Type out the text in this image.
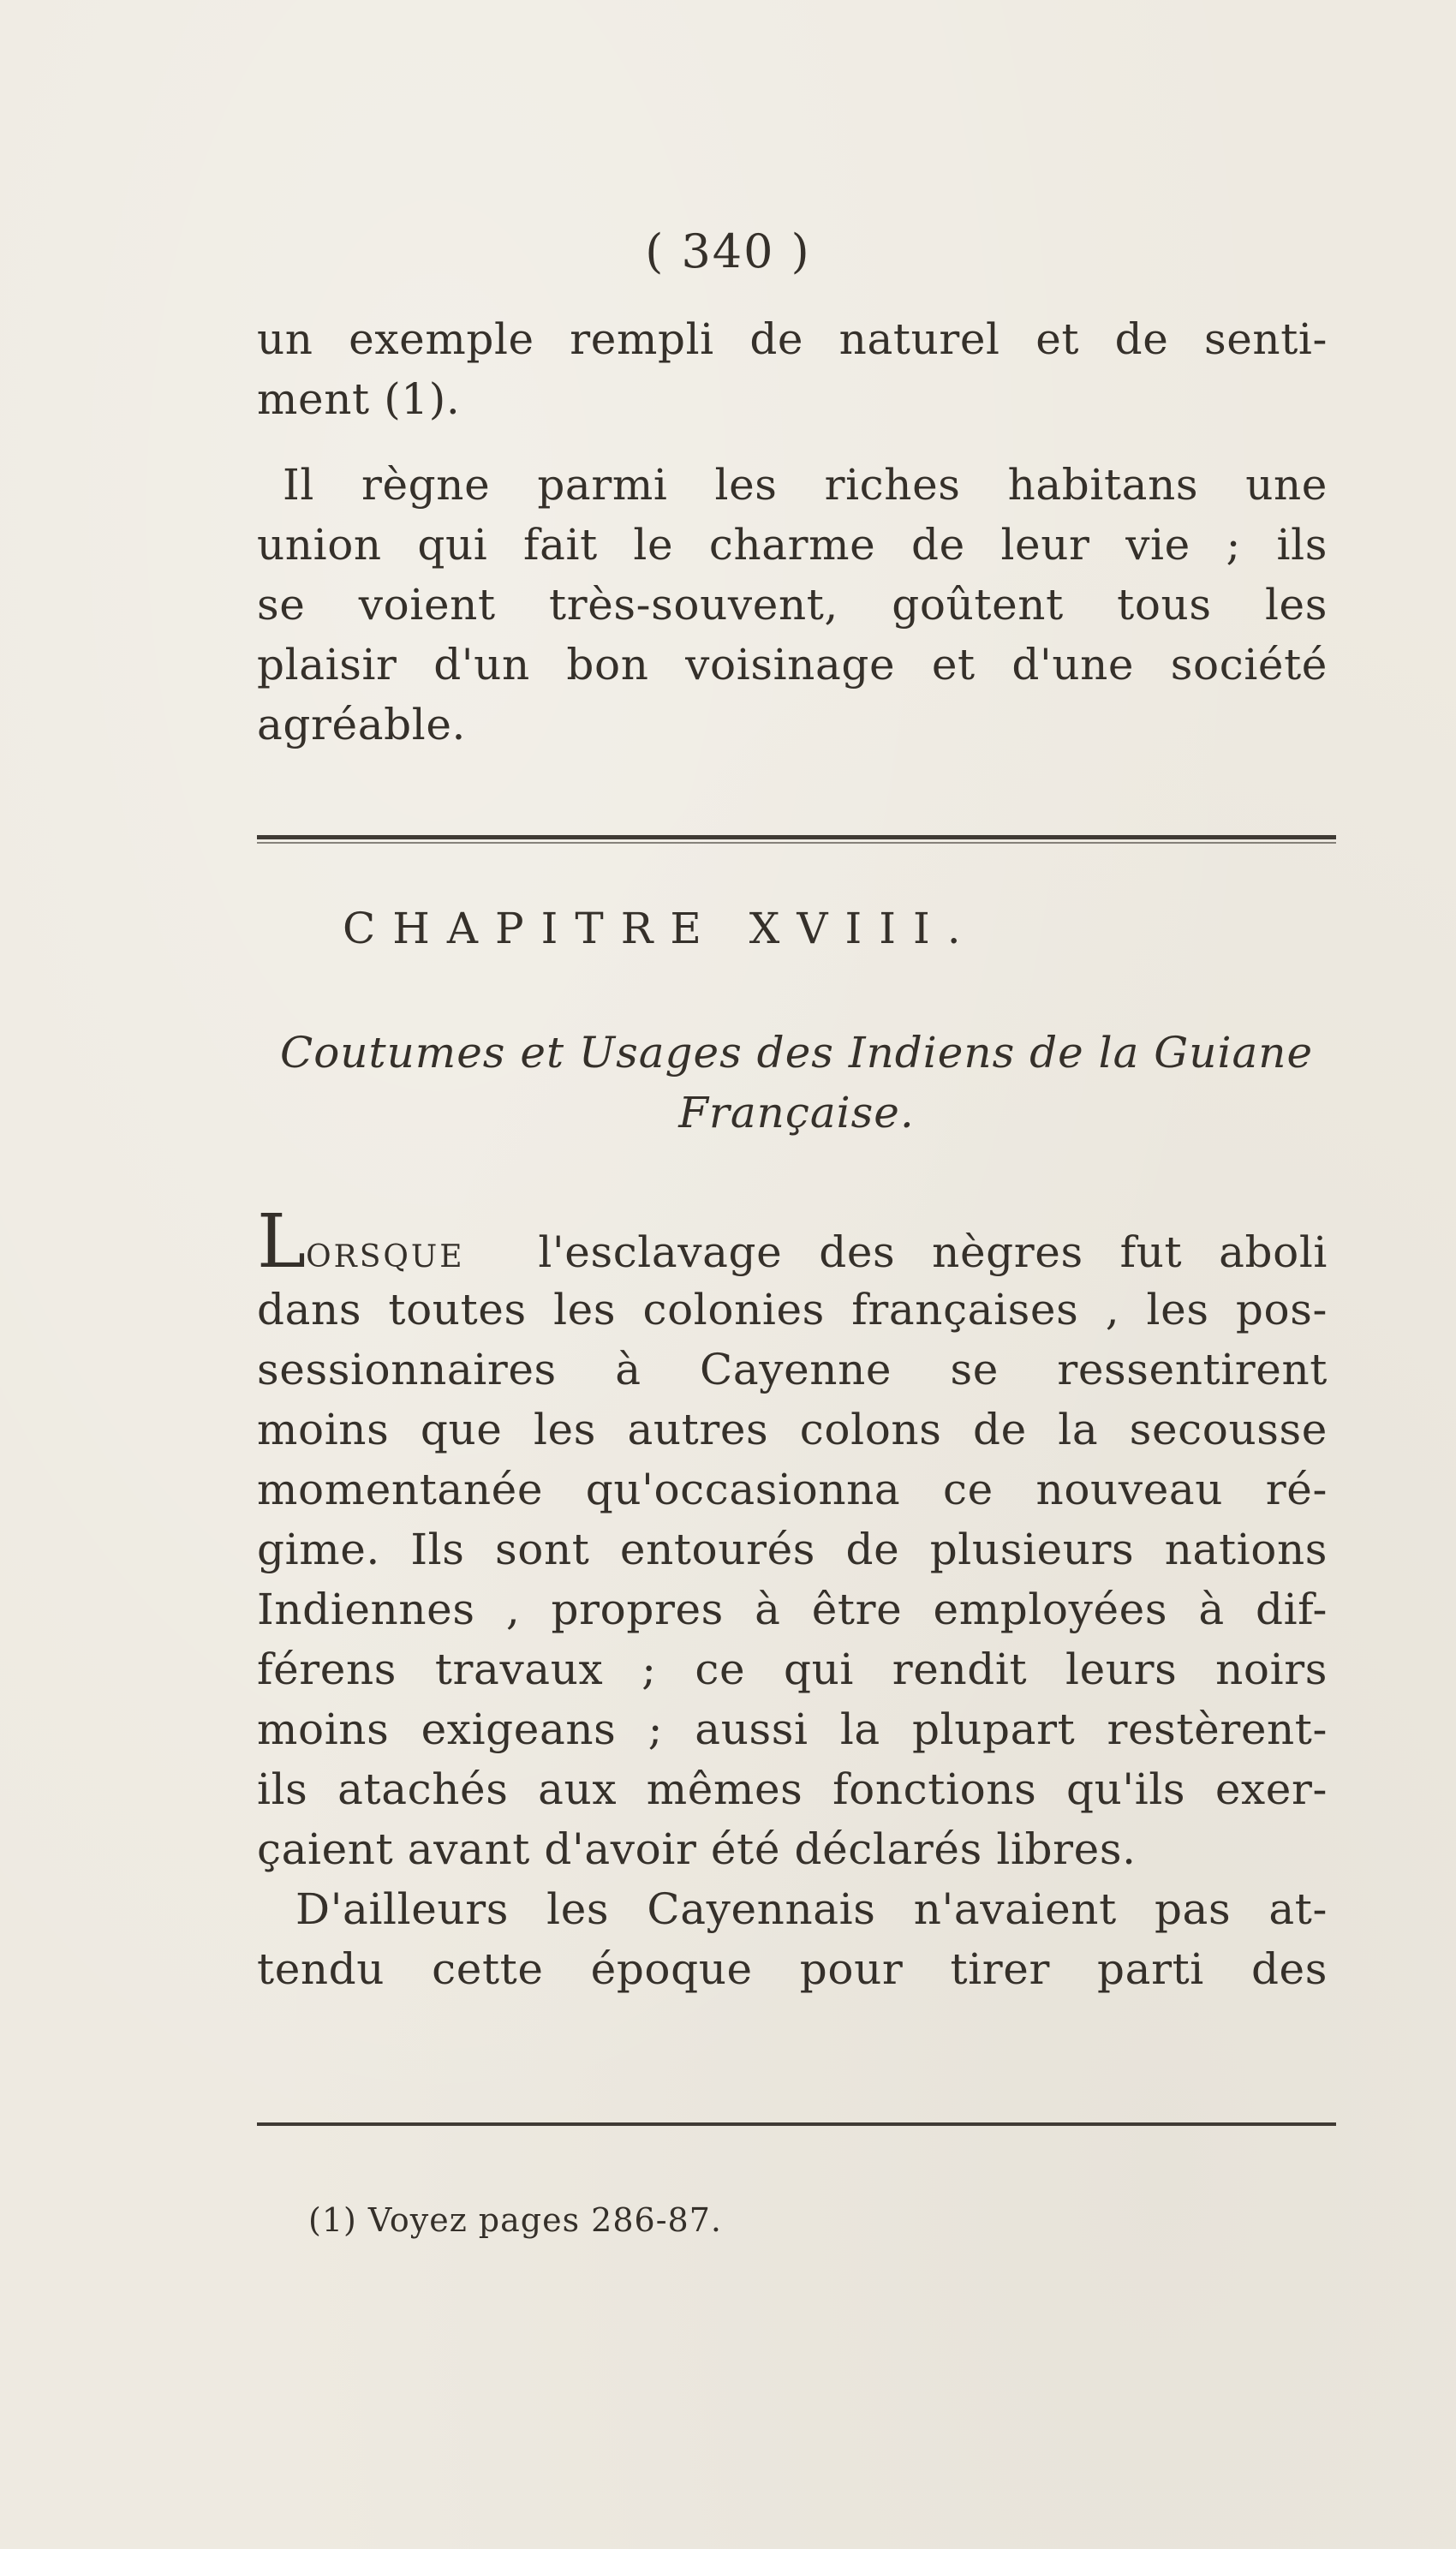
( 340 )
un exemple rempli de naturel et de senti-
ment (1).
Il règne parmi les riches habitans une
union qui fait le charme de leur vie ; ils
se voient très-souvent, goûtent tous les
plaisir d'un bon voisinage et d'une société
agréable.
CHAPITRE XVIII.
Coutumes et Usages des Indiens de la Guiane
Française.
LORSQUE l'esclavage des nègres fut aboli
dans toutes les colonies françaises , les pos-
sessionnaires à Cayenne se ressentirent
moins que les autres colons de la secousse
momentanée qu'occasionna ce nouveau ré-
gime. Ils sont entourés de plusieurs nations
Indiennes , propres à être employées à dif-
férens travaux ; ce qui rendit leurs noirs
moins exigeans ; aussi la plupart restèrent-
ils atachés aux mêmes fonctions qu'ils exer-
çaient avant d'avoir été déclarés libres.
D'ailleurs les Cayennais n'avaient pas at-
tendu cette époque pour tirer parti des
(1) Voyez pages 286-87.
